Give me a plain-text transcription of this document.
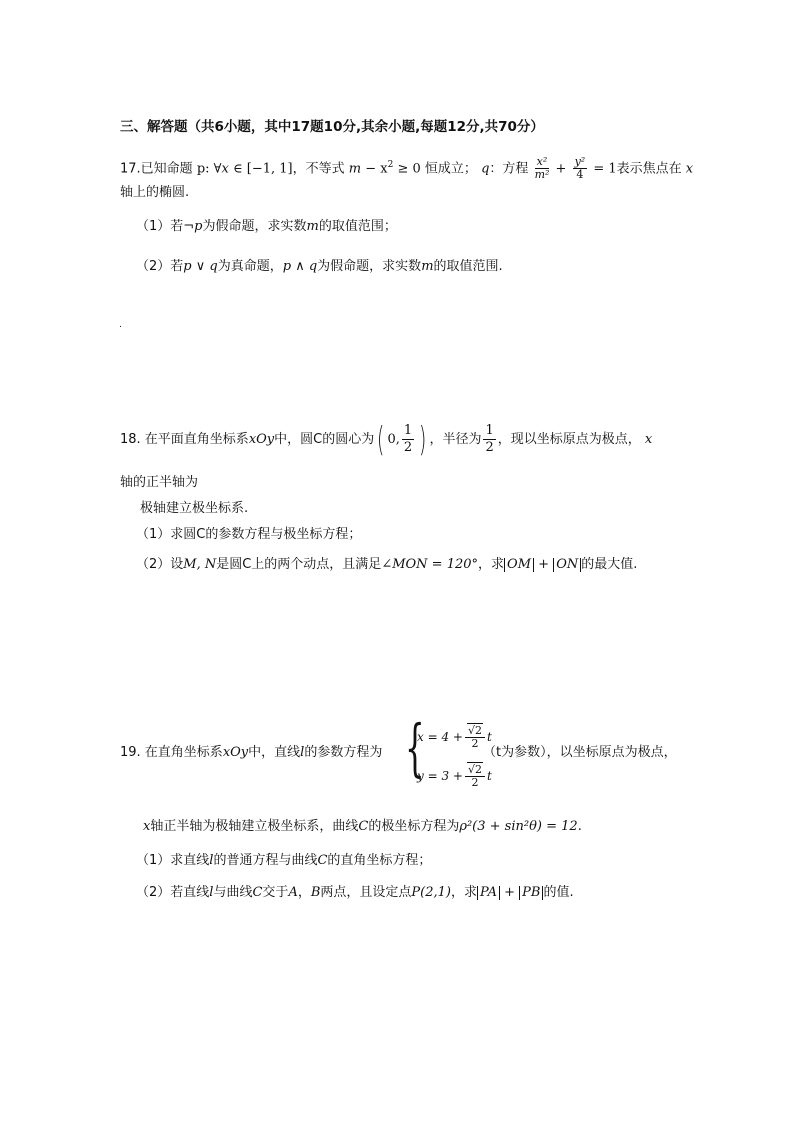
三、解答题（共6小题，其中17题10分,其余小题,每题12分,共70分）
17.已知命题 p: ∀x ∈ [−1, 1]，不等式 $m - x^2 \ge 0$ 恒成立； q：方程 $\frac{\text{x²}}{\text{m²}} + \frac{\text{y²}}{4} = 1$表示焦点在 x
轴上的椭圆.
（1）若¬p为假命题，求实数m的取值范围；
（2）若p ∨ q为真命题，p ∧ q为假命题，求实数m的取值范围.
.
18. 在平面直角坐标系xOy中，圆C的圆心为( 0, $\frac{1}{2}$ ) ，半径为 $\frac{1}{2}$ ，现以坐标原点为极点， x
轴的正半轴为
极轴建立极坐标系.
（1）求圆C的参数方程与极坐标方程；
（2）设M, N是圆C上的两个动点，且满足∠MON = 120°，求 OM + ON 的最大值.
19. 在直角坐标系xOy中，直线l的参数方程为 {
$x = 4 + \frac{√2}{2}$ t
$y = 3 + \frac{√2}{2}$ t
（t为参数），以坐标原点为极点，
x轴正半轴为极轴建立极坐标系，曲线C的极坐标方程为ρ²(3 + sin²θ) = 12.
（1）求直线l的普通方程与曲线C的直角坐标方程；
（2）若直线l与曲线C交于A，B两点，且设定点P(2,1)，求 PA + PB 的值.
